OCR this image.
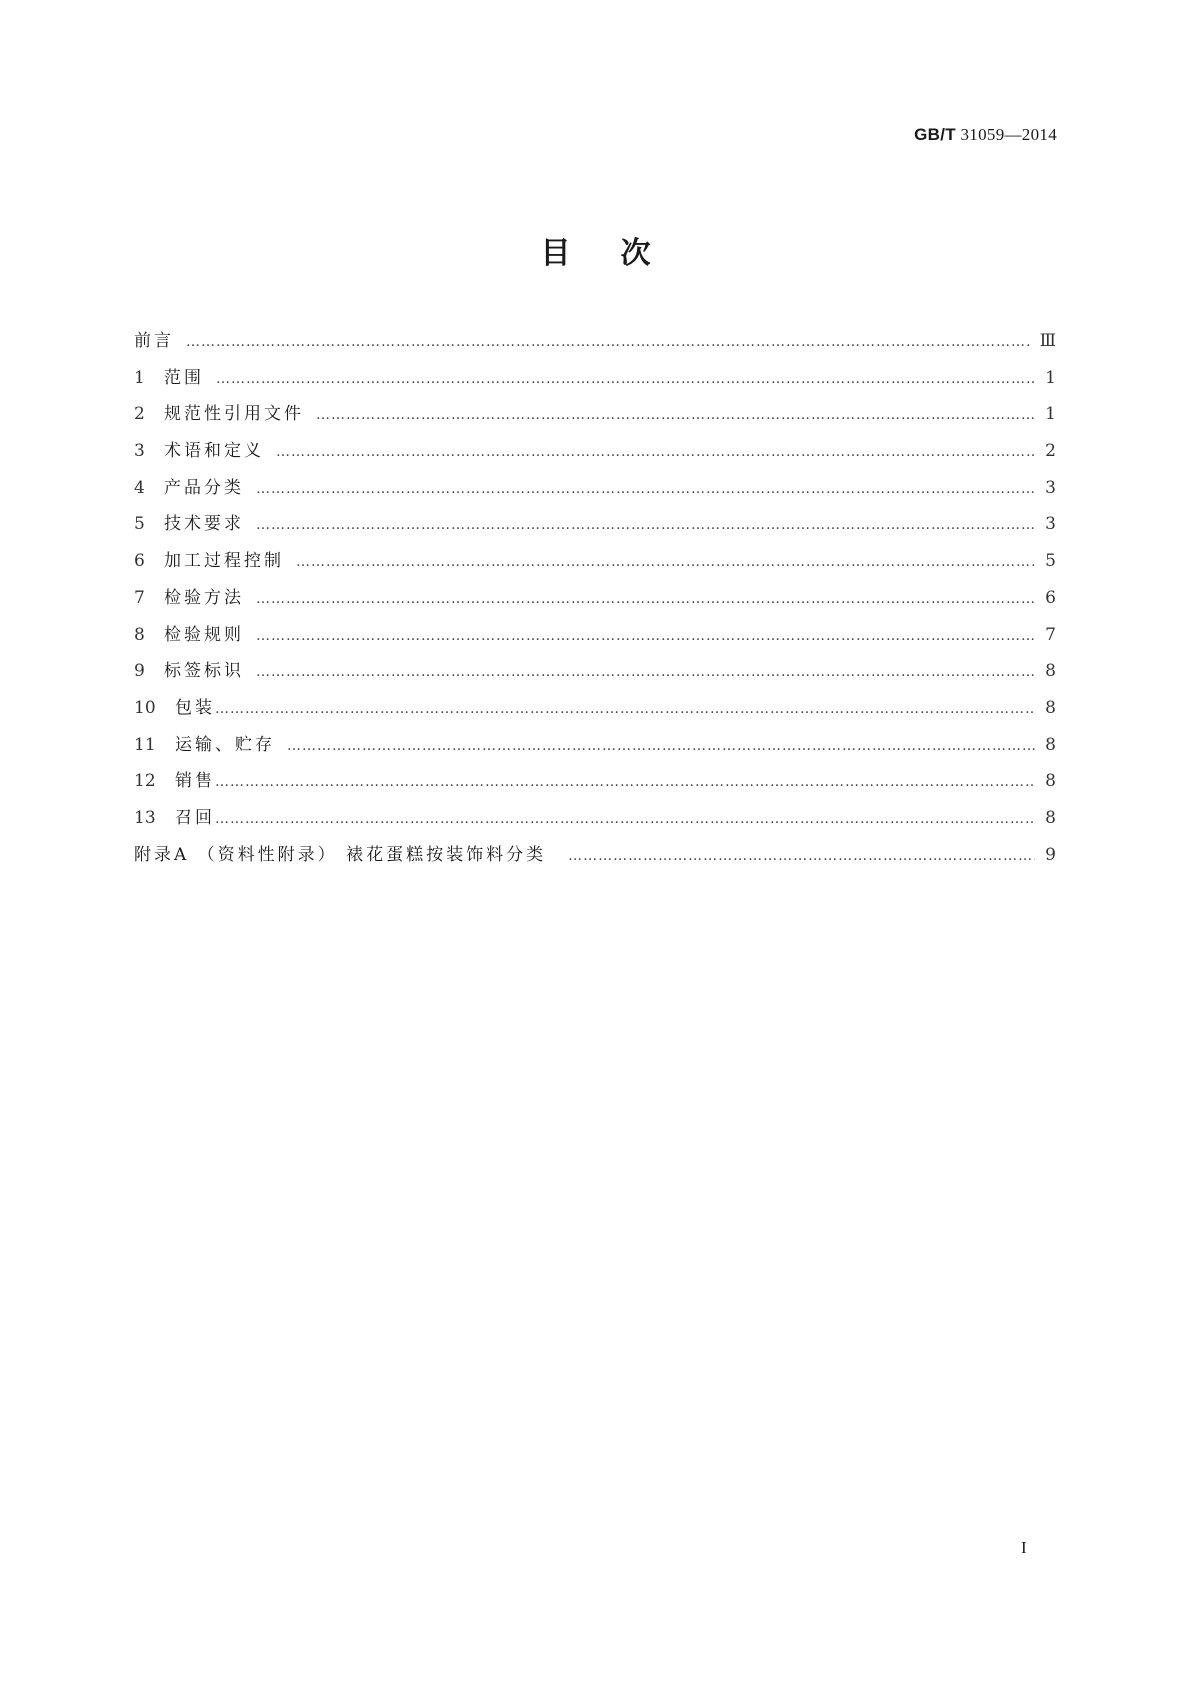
GB/T 31059—2014
目次
前言 ……………………………………………………………………………………………………………………………………………………………………………………………………………………………	Ⅲ
1	范围 ……………………………………………………………………………………………………………………………………………………………………………………………………………………………	1
2	规范性引用文件 ……………………………………………………………………………………………………………………………………………………………………………………………………………………………	1
3	术语和定义 ……………………………………………………………………………………………………………………………………………………………………………………………………………………………	2
4	产品分类 ……………………………………………………………………………………………………………………………………………………………………………………………………………………………	3
5	技术要求 ……………………………………………………………………………………………………………………………………………………………………………………………………………………………	3
6	加工过程控制 ……………………………………………………………………………………………………………………………………………………………………………………………………………………………	5
7	检验方法 ……………………………………………………………………………………………………………………………………………………………………………………………………………………………	6
8	检验规则 ……………………………………………………………………………………………………………………………………………………………………………………………………………………………	7
9	标签标识 ……………………………………………………………………………………………………………………………………………………………………………………………………………………………	8
10	包装 ……………………………………………………………………………………………………………………………………………………………………………………………………………………………	8
11	运输、贮存 ……………………………………………………………………………………………………………………………………………………………………………………………………………………………	8
12	销售 ……………………………………………………………………………………………………………………………………………………………………………………………………………………………	8
13	召回 ……………………………………………………………………………………………………………………………………………………………………………………………………………………………	8
附录A （资料性附录） 裱花蛋糕按装饰料分类 ……………………………………………………………………………………………………………………………………………………………………………………………………………………………	9
I
